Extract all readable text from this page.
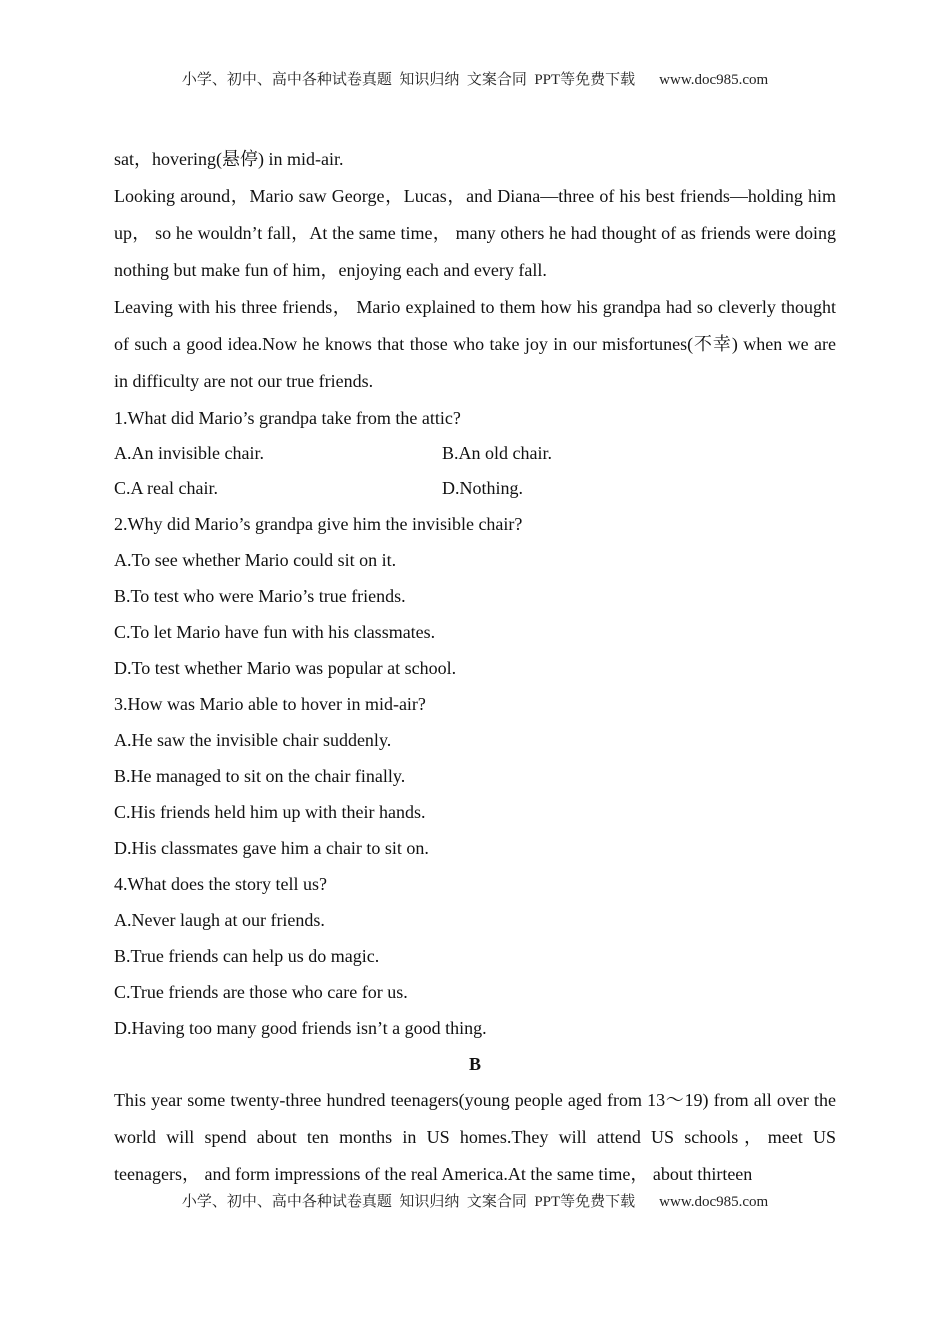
小学、初中、高中各种试卷真题  知识归纳  文案合同  PPT等免费下载 www.doc985.com

sat，hovering(悬停) in mid-air.

Looking around，Mario saw George，Lucas，and Diana—three of his best friends—holding him up， so he wouldn’t fall，At the same time， many others he had thought of as friends were doing nothing but make fun of him，enjoying each and every fall.

Leaving with his three friends， Mario explained to them how his grandpa had so cleverly thought of such a good idea.Now he knows that those who take joy in our misfortunes(不幸) when we are in difficulty are not our true friends.

1.What did Mario’s grandpa take from the attic?

A.An invisible chair.	B.An old chair.
C.A real chair.	D.Nothing.

2.Why did Mario’s grandpa give him the invisible chair?

A.To see whether Mario could sit on it.

B.To test who were Mario’s true friends.

C.To let Mario have fun with his classmates.

D.To test whether Mario was popular at school.

3.How was Mario able to hover in mid-air?

A.He saw the invisible chair suddenly.

B.He managed to sit on the chair finally.

C.His friends held him up with their hands.

D.His classmates gave him a chair to sit on.

4.What does the story tell us?

A.Never laugh at our friends.

B.True friends can help us do magic.

C.True friends are those who care for us.

D.Having too many good friends isn’t a good thing.

B

This year some twenty-three hundred teenagers(young people aged from 13～19) from all over the world will spend about ten months in US homes.They will attend US schools，meet US teenagers， and form impressions of the real America.At the same time， about thirteen

小学、初中、高中各种试卷真题  知识归纳  文案合同  PPT等免费下载 www.doc985.com
